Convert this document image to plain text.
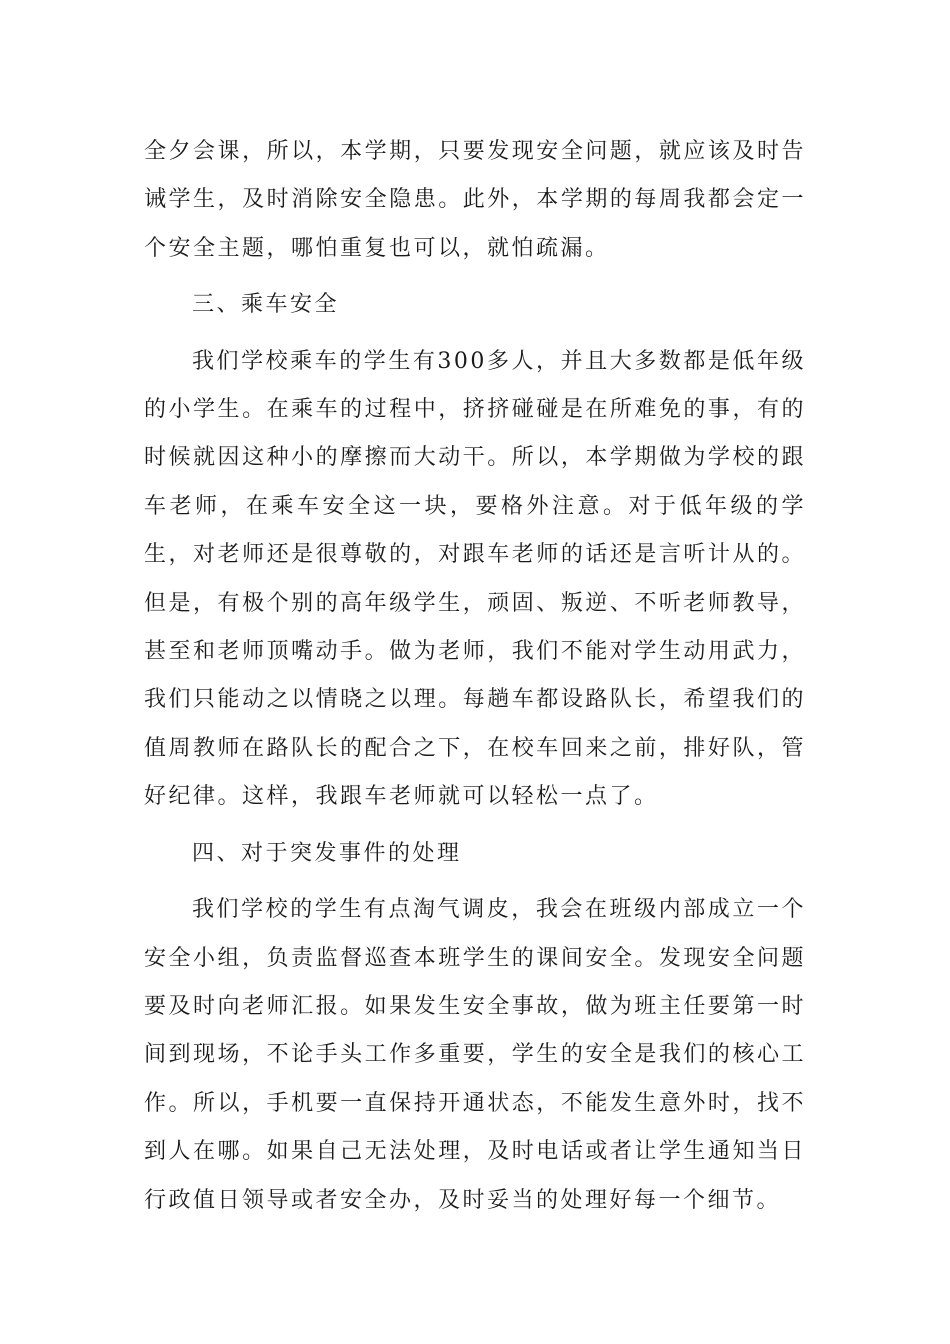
全夕会课，所以，本学期，只要发现安全问题，就应该及时告诫学生，及时消除安全隐患。此外，本学期的每周我都会定一个安全主题，哪怕重复也可以，就怕疏漏。

三、乘车安全

我们学校乘车的学生有300多人，并且大多数都是低年级的小学生。在乘车的过程中，挤挤碰碰是在所难免的事，有的时候就因这种小的摩擦而大动干。所以，本学期做为学校的跟车老师，在乘车安全这一块，要格外注意。对于低年级的学生，对老师还是很尊敬的，对跟车老师的话还是言听计从的。但是，有极个别的高年级学生，顽固、叛逆、不听老师教导，甚至和老师顶嘴动手。做为老师，我们不能对学生动用武力，我们只能动之以情晓之以理。每趟车都设路队长，希望我们的值周教师在路队长的配合之下，在校车回来之前，排好队，管好纪律。这样，我跟车老师就可以轻松一点了。

四、对于突发事件的处理

我们学校的学生有点淘气调皮，我会在班级内部成立一个安全小组，负责监督巡查本班学生的课间安全。发现安全问题要及时向老师汇报。如果发生安全事故，做为班主任要第一时间到现场，不论手头工作多重要，学生的安全是我们的核心工作。所以，手机要一直保持开通状态，不能发生意外时，找不到人在哪。如果自己无法处理，及时电话或者让学生通知当日行政值日领导或者安全办，及时妥当的处理好每一个细节。
